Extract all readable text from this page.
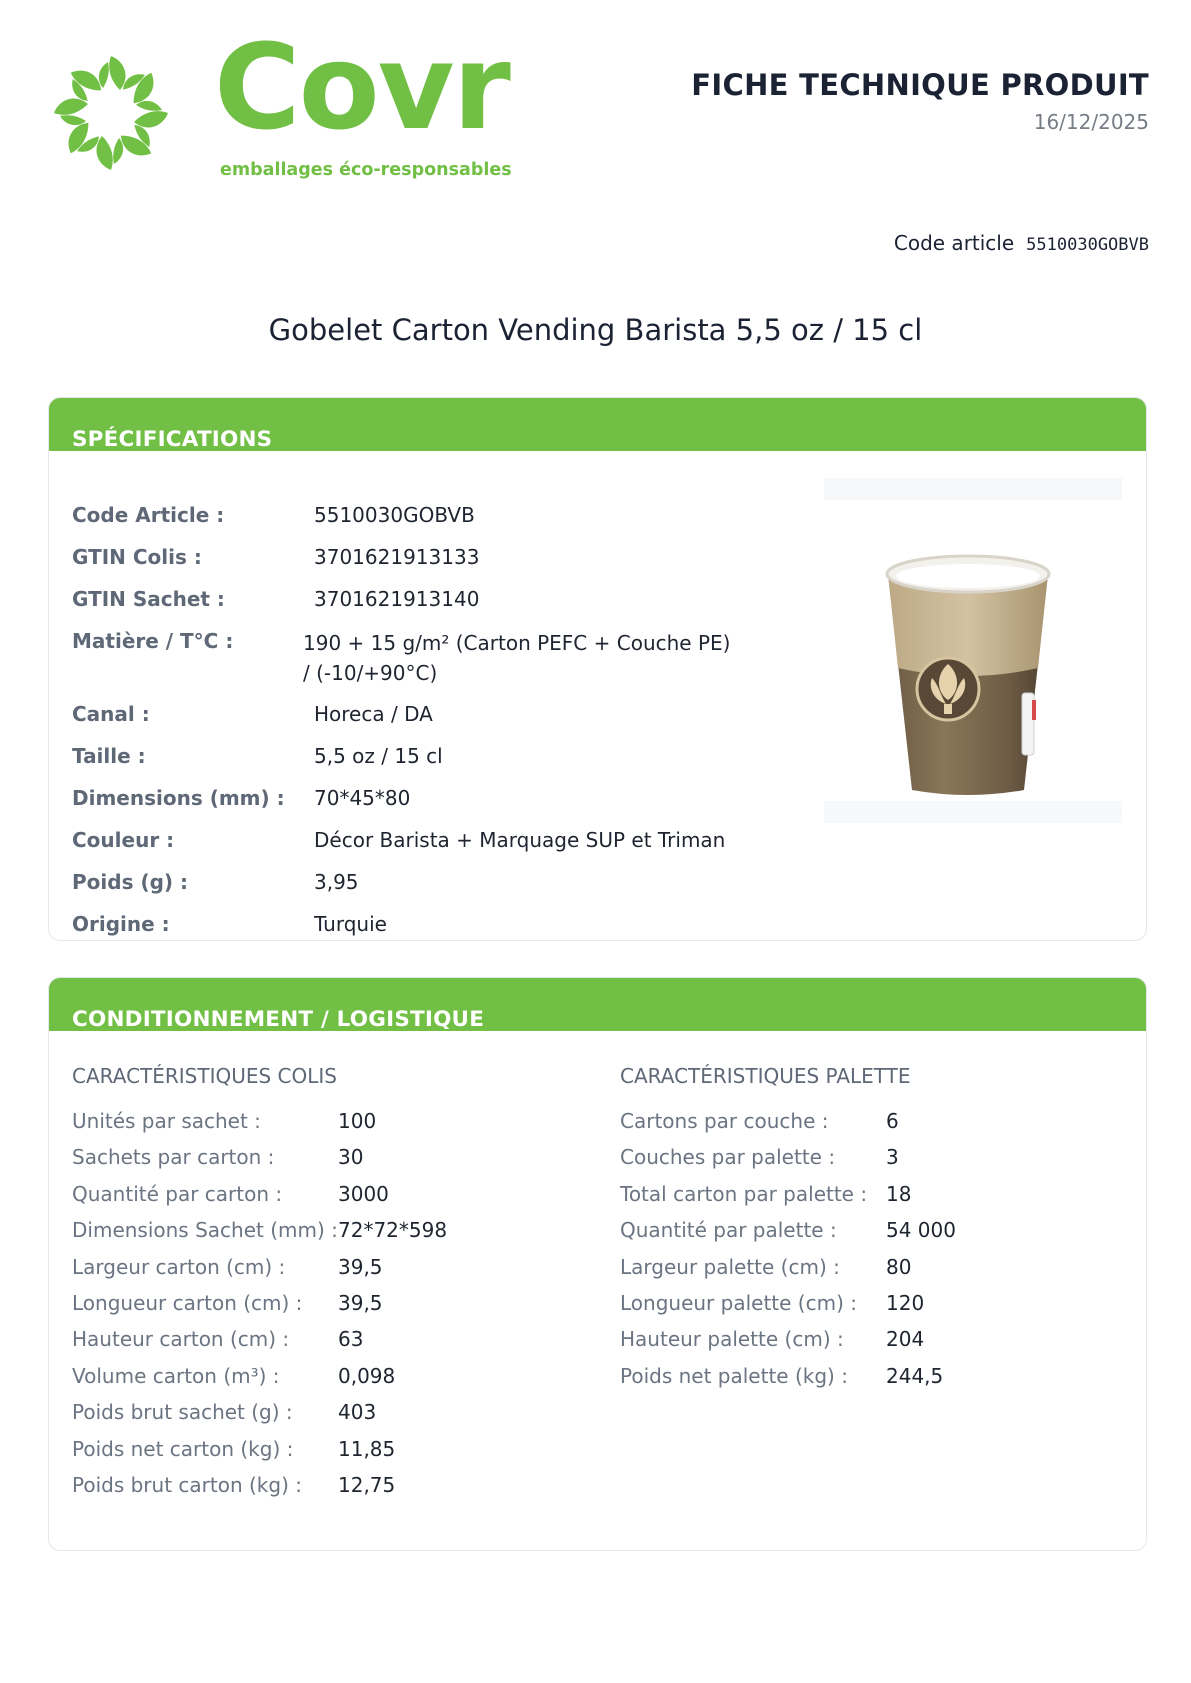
Covr
emballages éco-responsables
FICHE TECHNIQUE PRODUIT
16/12/2025
Code article 5510030GOBVB
Gobelet Carton Vending Barista 5,5 oz / 15 cl
SPÉCIFICATIONS
Code Article :	5510030GOBVB
GTIN Colis :	3701621913133
GTIN Sachet :	3701621913140
Matière / T°C :	190 + 15 g/m² (Carton PEFC + Couche PE) / (-10/+90°C)
Canal :	Horeca / DA
Taille :	5,5 oz / 15 cl
Dimensions (mm) : 70*45*80
Couleur :	Décor Barista + Marquage SUP et Triman
Poids (g) :	3,95
Origine :	Turquie
CONDITIONNEMENT / LOGISTIQUE
CARACTÉRISTIQUES COLIS	CARACTÉRISTIQUES PALETTE
Unités par sachet :	100
Sachets par carton :	30
Quantité par carton :	3000
Dimensions Sachet (mm) : 72*72*598
Largeur carton (cm) :	39,5
Longueur carton (cm) : 39,5
Hauteur carton (cm) : 63
Volume carton (m³) :	0,098
Poids brut sachet (g) : 403
Poids net carton (kg) : 11,85
Poids brut carton (kg) : 12,75
Cartons par couche :	6
Couches par palette :	3
Total carton par palette : 18
Quantité par palette : 54 000
Largeur palette (cm) : 80
Longueur palette (cm) : 120
Hauteur palette (cm) : 204
Poids net palette (kg) : 244,5
